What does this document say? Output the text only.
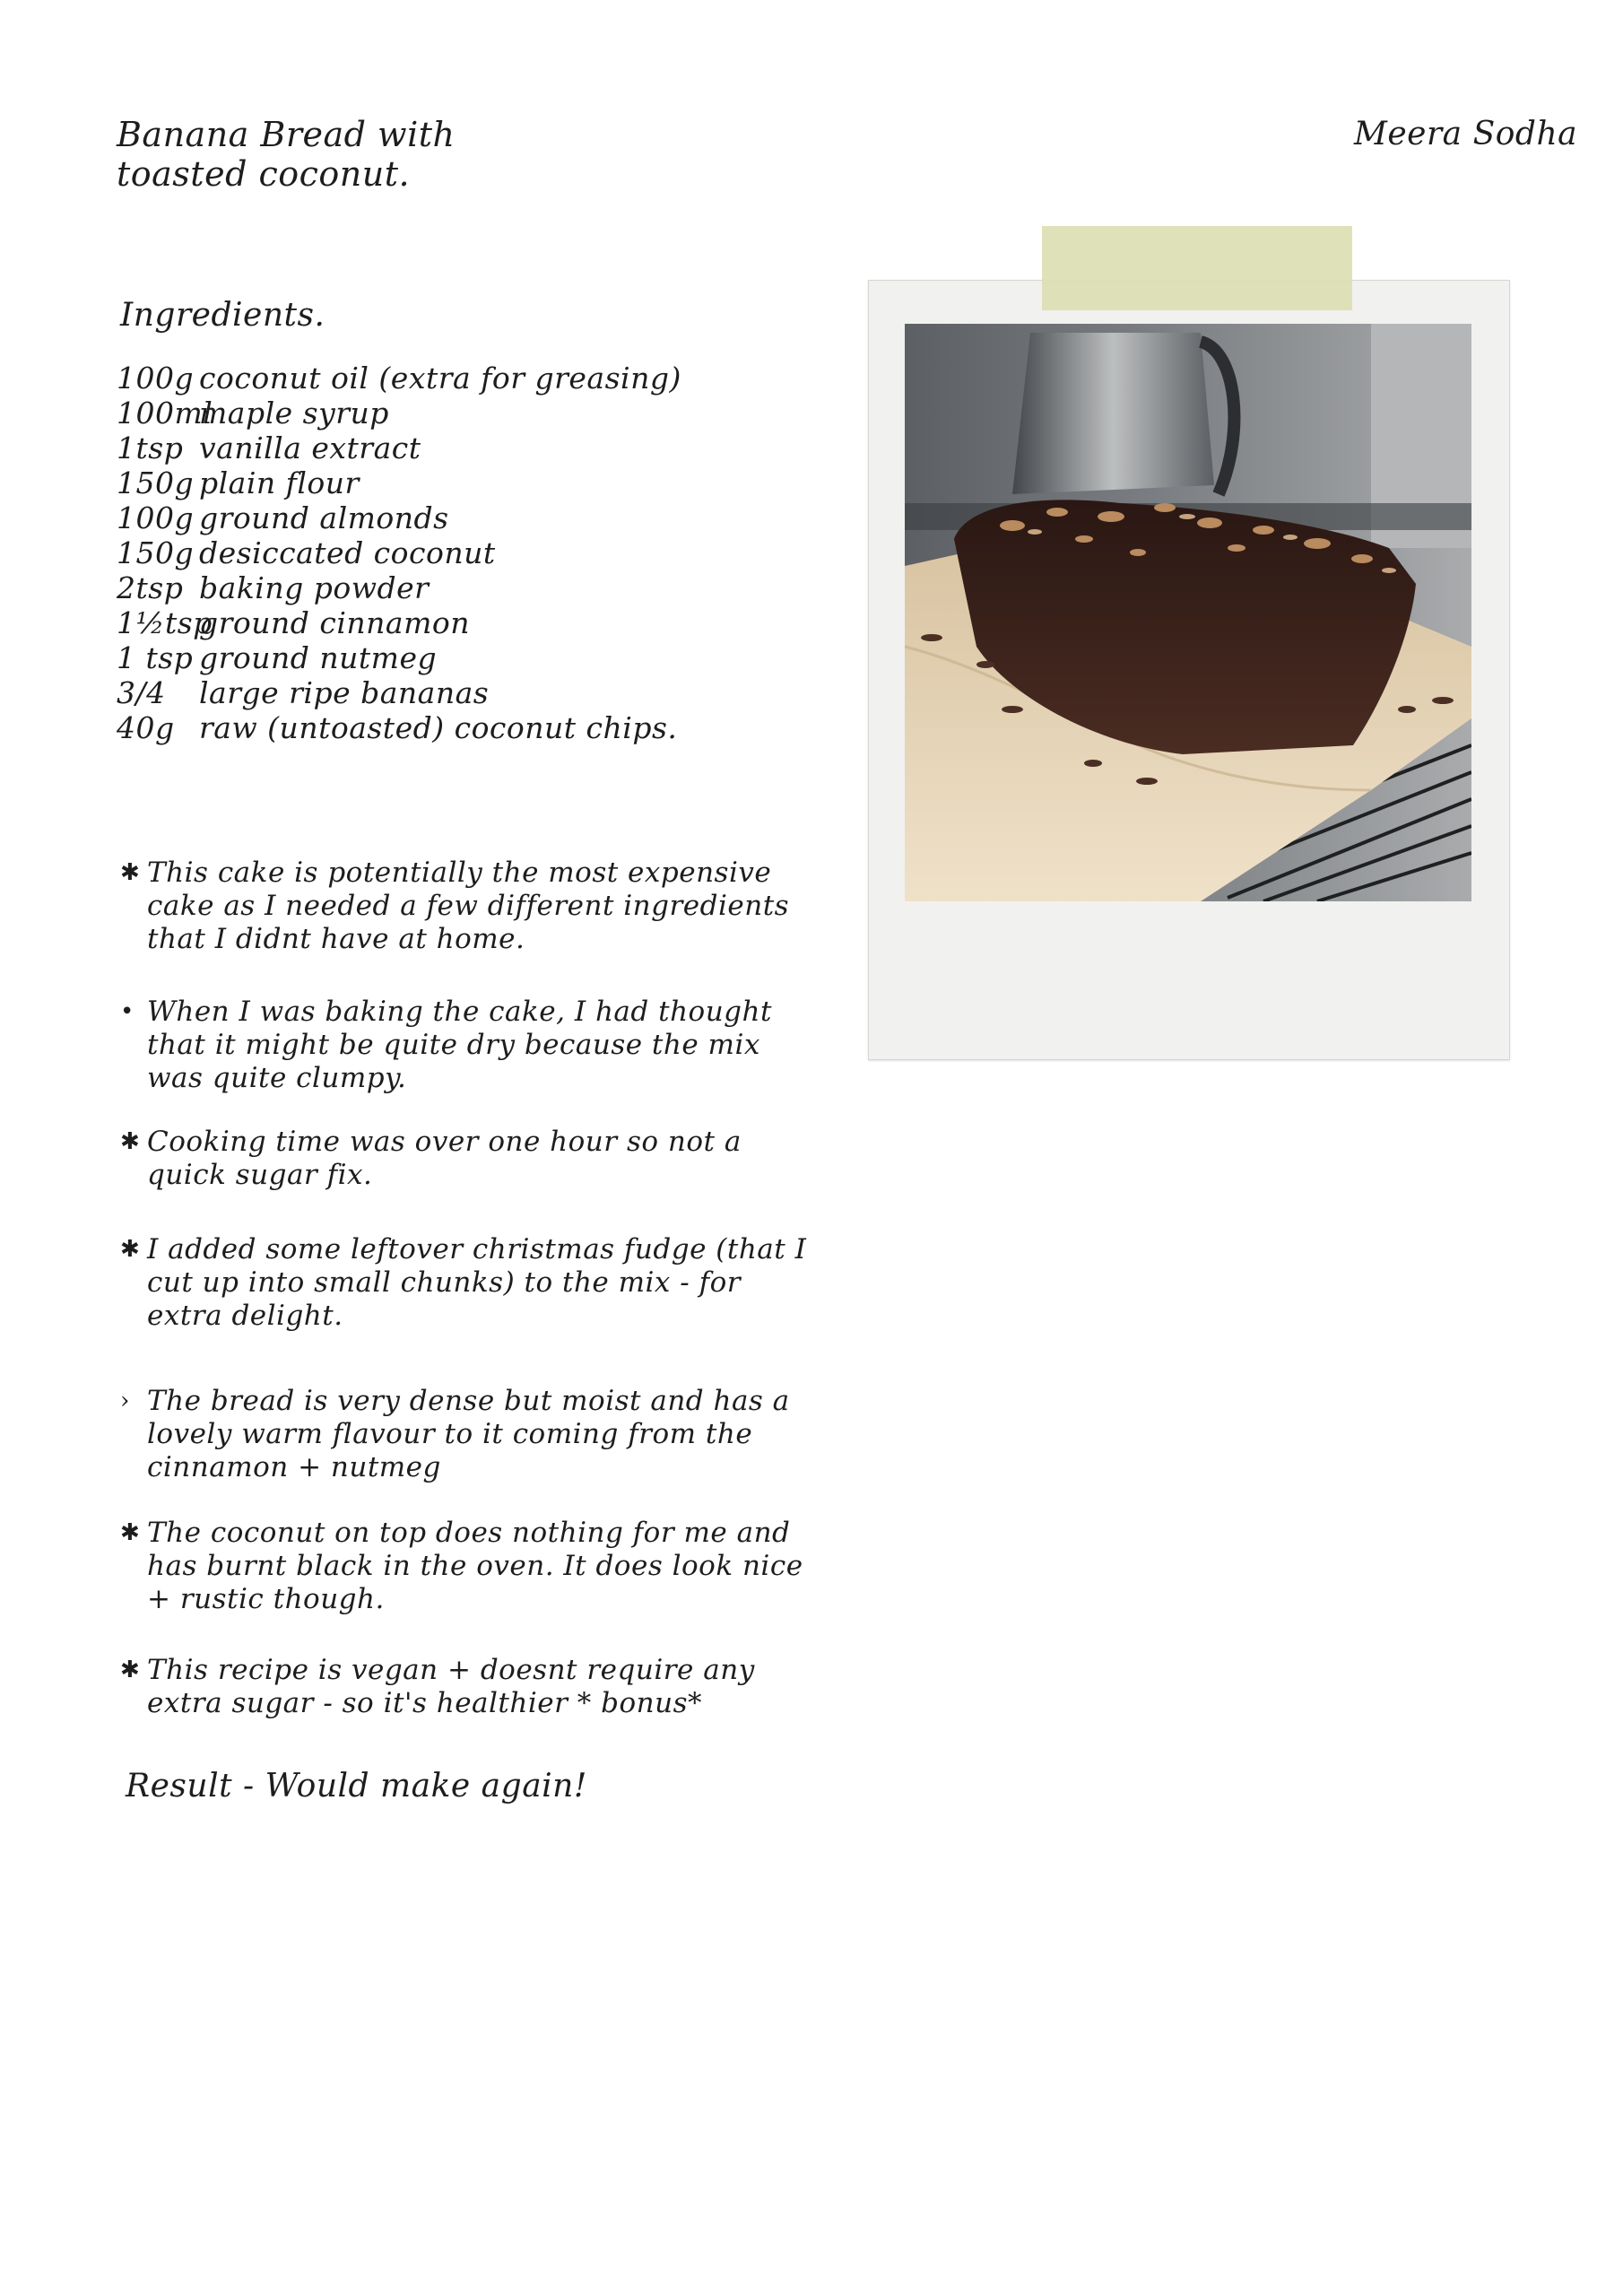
Banana Bread with
toasted coconut.
Meera Sodha
Ingredients.
100g coconut oil (extra for greasing)
100ml
maple syrup
1tsp vanilla extract
150g plain flour
100g ground almonds
150g desiccated coconut
2tsp baking powder
1½tsp
ground cinnamon
1 tsp ground nutmeg
3/4	large ripe bananas
40g raw (untoasted) coconut chips.
✱ This cake is potentially the most expensive cake as I needed a few different ingredients that I didnt have at home.
• When I was baking the cake, I had thought that it might be quite dry because the mix was quite clumpy.
✱ Cooking time was over one hour so not a quick sugar fix.
✱ I added some leftover christmas fudge (that I cut up into small chunks) to the mix - for extra delight.
› The bread is very dense but moist and has a lovely warm flavour to it coming from the cinnamon + nutmeg
✱ The coconut on top does nothing for me and has burnt black in the oven. It does look nice + rustic though.
✱ This recipe is vegan + doesnt require any extra sugar - so it's healthier * bonus*
Result - Would make again!
